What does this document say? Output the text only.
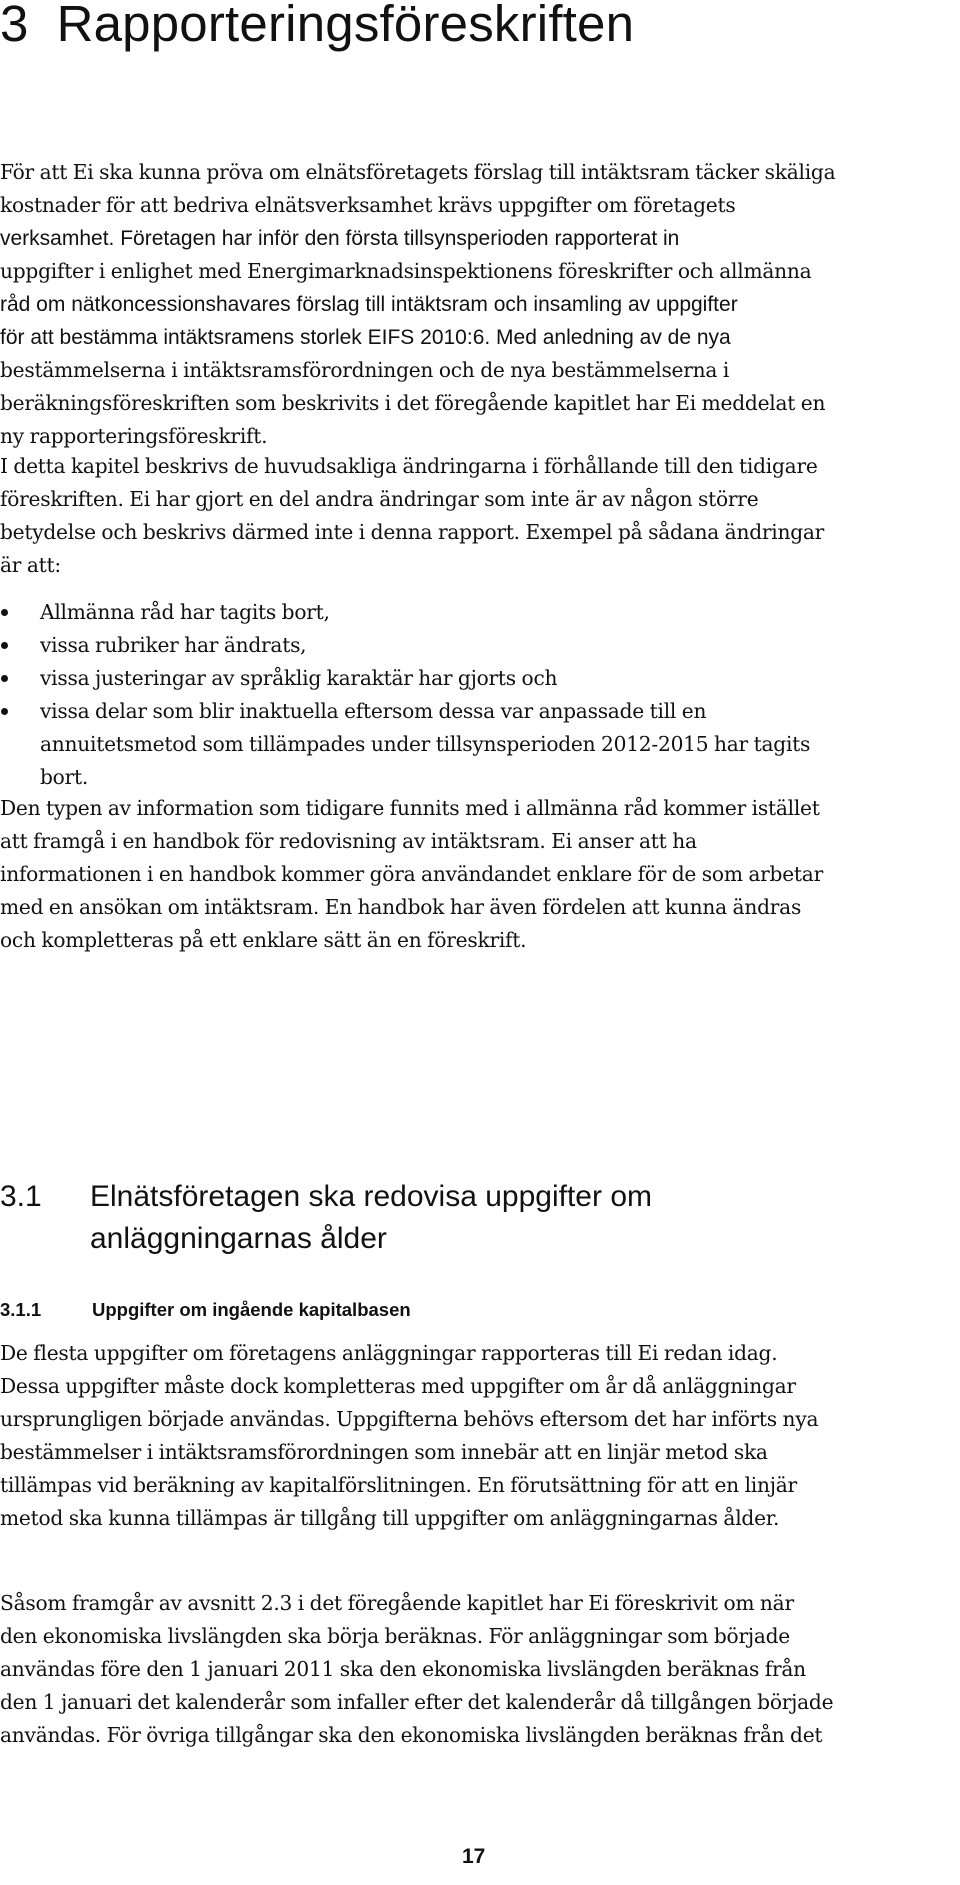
3 Rapporteringsföreskriften

För att Ei ska kunna pröva om elnätsföretagets förslag till intäktsram täcker skäliga
kostnader för att bedriva elnätsverksamhet krävs uppgifter om företagets
verksamhet. Företagen har inför den första tillsynsperioden rapporterat in
uppgifter i enlighet med Energimarknadsinspektionens föreskrifter och allmänna
råd om nätkoncessionshavares förslag till intäktsram och insamling av uppgifter
för att bestämma intäktsramens storlek EIFS 2010:6. Med anledning av de nya
bestämmelserna i intäktsramsförordningen och de nya bestämmelserna i
beräkningsföreskriften som beskrivits i det föregående kapitlet har Ei meddelat en
ny rapporteringsföreskrift.

I detta kapitel beskrivs de huvudsakliga ändringarna i förhållande till den tidigare
föreskriften. Ei har gjort en del andra ändringar som inte är av någon större
betydelse och beskrivs därmed inte i denna rapport. Exempel på sådana ändringar
är att:

Allmänna råd har tagits bort,
vissa rubriker har ändrats,
vissa justeringar av språklig karaktär har gjorts och
vissa delar som blir inaktuella eftersom dessa var anpassade till en
annuitetsmetod som tillämpades under tillsynsperioden 2012-2015 har tagits
bort.

Den typen av information som tidigare funnits med i allmänna råd kommer istället
att framgå i en handbok för redovisning av intäktsram. Ei anser att ha
informationen i en handbok kommer göra användandet enklare för de som arbetar
med en ansökan om intäktsram. En handbok har även fördelen att kunna ändras
och kompletteras på ett enklare sätt än en föreskrift.

3.1 Elnätsföretagen ska redovisa uppgifter om
anläggningarnas ålder
3.1.1	Uppgifter om ingående kapitalbasen

De flesta uppgifter om företagens anläggningar rapporteras till Ei redan idag.
Dessa uppgifter måste dock kompletteras med uppgifter om år då anläggningar
ursprungligen började användas. Uppgifterna behövs eftersom det har införts nya
bestämmelser i intäktsramsförordningen som innebär att en linjär metod ska
tillämpas vid beräkning av kapitalförslitningen. En förutsättning för att en linjär
metod ska kunna tillämpas är tillgång till uppgifter om anläggningarnas ålder.

Såsom framgår av avsnitt 2.3 i det föregående kapitlet har Ei föreskrivit om när
den ekonomiska livslängden ska börja beräknas. För anläggningar som började
användas före den 1 januari 2011 ska den ekonomiska livslängden beräknas från
den 1 januari det kalenderår som infaller efter det kalenderår då tillgången började
användas. För övriga tillgångar ska den ekonomiska livslängden beräknas från det

17
